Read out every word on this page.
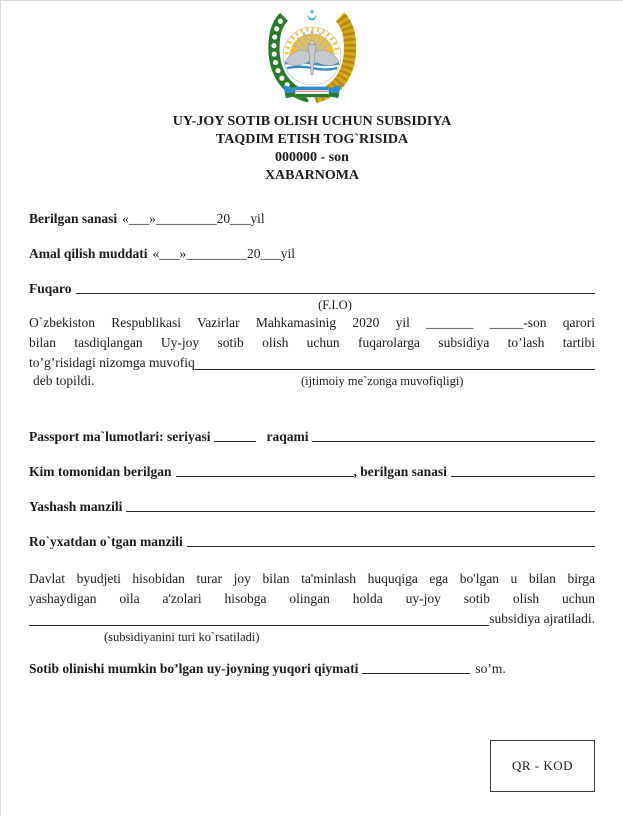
UY-JOY SOTIB OLISH UCHUN SUBSIDIYA
TAQDIM ETISH TOG`RISIDA
000000 - son
XABARNOMA
Berilgan sanasi «___»_________20___yil
Amal qilish muddati «___»_________20___yil
Fuqaro
(F.I.O)
O`zbekiston Respublikasi Vazirlar Mahkamasinig 2020 yil _______ _____-son qarori
bilan tasdiqlangan Uy-joy sotib olish uchun fuqarolarga subsidiya to’lash tartibi
to’g’risidagi nizomga muvofiq
deb topildi.	(ijtimoiy me`zonga muvofiqligi)
Passport ma`lumotlari: seriyasi	raqami
Kim tomonidan berilgan	, berilgan sanasi
Yashash manzili
Ro`yxatdan o`tgan manzili
Davlat byudjeti hisobidan turar joy bilan ta'minlash huquqiga ega bo'lgan u bilan birga
yashaydigan oila a'zolari hisobga olingan holda uy-joy sotib olish uchun
subsidiya ajratiladi.
(subsidiyanini turi ko`rsatiladi)
Sotib olinishi mumkin bo’lgan uy-joyning yuqori qiymati	so’m.
QR - KOD
